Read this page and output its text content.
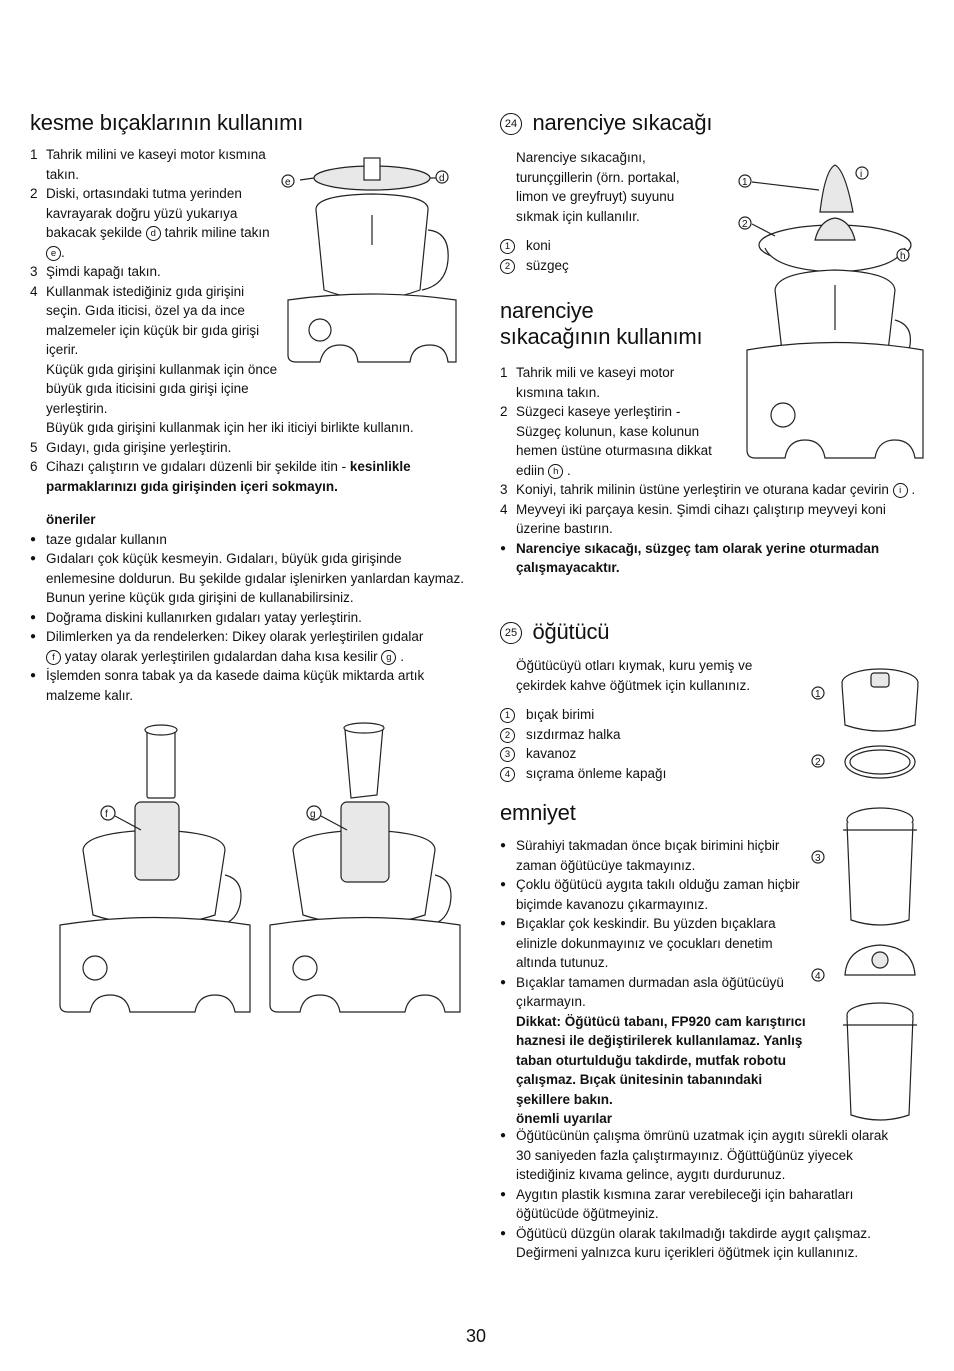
kesme bıçaklarının kullanımı
1 Tahrik milini ve kaseyi motor kısmına takın.
2 Diski, ortasındaki tutma yerinden kavrayarak doğru yüzü yukarıya bakacak şekilde d tahrik miline takın e .
3 Şimdi kapağı takın.
4 Kullanmak istediğiniz gıda girişini seçin. Gıda iticisi, özel ya da ince malzemeler için küçük bir gıda girişi içerir.
Küçük gıda girişini kullanmak için önce büyük gıda iticisini gıda girişi içine yerleştirin.
Büyük gıda girişini kullanmak için her iki iticiyi birlikte kullanın.
5 Gıdayı, gıda girişine yerleştirin.
6 Cihazı çalıştırın ve gıdaları düzenli bir şekilde itin - kesinlikle parmaklarınızı gıda girişinden içeri sokmayın.
öneriler
● taze gıdalar kullanın
● Gıdaları çok küçük kesmeyin. Gıdaları, büyük gıda girişinde enlemesine doldurun. Bu şekilde gıdalar işlenirken yanlardan kaymaz. Bunun yerine küçük gıda girişini de kullanabilirsiniz.
● Doğrama diskini kullanırken gıdaları yatay yerleştirin.
● Dilimlerken ya da rendelerken: Dikey olarak yerleştirilen gıdalar
f yatay olarak yerleştirilen gıdalardan daha kısa kesilir g .
● İşlemden sonra tabak ya da kasede daima küçük miktarda artık malzeme kalır.
e	d
f	g
24 narenciye sıkacağı
Narenciye sıkacağını, turunçgillerin (örn. portakal, limon ve greyfruyt) suyunu sıkmak için kullanılır.
1	koni
2	süzgeç
narenciye
sıkacağının kullanımı
1 Tahrik mili ve kaseyi motor kısmına takın.
2 Süzgeci kaseye yerleştirin - Süzgeç kolunun, kase kolunun hemen üstüne oturmasına dikkat ediin h .
3 Koniyi, tahrik milinin üstüne yerleştirin ve oturana kadar çevirin i .
4 Meyveyi iki parçaya kesin. Şimdi cihazı çalıştırıp meyveyi koni üzerine bastırın.
● Narenciye sıkacağı, süzgeç tam olarak yerine oturmadan çalışmayacaktır.
i
1
2
h
25 öğütücü
Öğütücüyü otları kıymak, kuru yemiş ve çekirdek kahve öğütmek için kullanınız.
1	bıçak birimi
2	sızdırmaz halka
3	kavanoz
4	sıçrama önleme kapağı
1
2
3
4
emniyet
● Sürahiyi takmadan önce bıçak birimini hiçbir zaman öğütücüye takmayınız.
● Çoklu öğütücü aygıta takılı olduğu zaman hiçbir biçimde kavanozu çıkarmayınız.
● Bıçaklar çok keskindir. Bu yüzden bıçaklara elinizle dokunmayınız ve çocukları denetim altında tutunuz.
● Bıçaklar tamamen durmadan asla öğütücüyü çıkarmayın.
Dikkat: Öğütücü tabanı, FP920 cam karıştırıcı haznesi ile değiştirilerek kullanılamaz. Yanlış taban oturtulduğu takdirde, mutfak robotu çalışmaz. Bıçak ünitesinin tabanındaki şekillere bakın.
önemli uyarılar
● Öğütücünün çalışma ömrünü uzatmak için aygıtı sürekli olarak 30 saniyeden fazla çalıştırmayınız. Öğüttüğünüz yiyecek istediğiniz kıvama gelince, aygıtı durdurunuz.
● Aygıtın plastik kısmına zarar verebileceği için baharatları öğütücüde öğütmeyiniz.
● Öğütücü düzgün olarak takılmadığı takdirde aygıt çalışmaz. Değirmeni yalnızca kuru içerikleri öğütmek için kullanınız.
30
